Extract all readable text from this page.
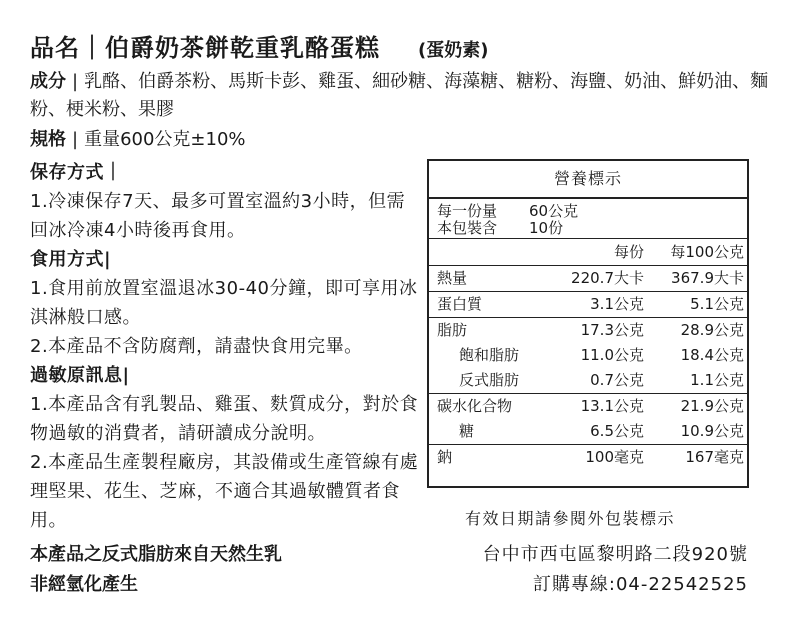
品名｜伯爵奶茶餅乾重乳酪蛋糕 (蛋奶素)
成分 | 乳酪、伯爵茶粉、馬斯卡彭、雞蛋、細砂糖、海藻糖、糖粉、海鹽、奶油、鮮奶油、麵粉、梗米粉、果膠
規格 | 重量600公克±10%
保存方式｜
1.冷凍保存7天、最多可置室溫約3小時，但需回冰冷凍4小時後再食用。
食用方式|
1.食用前放置室溫退冰30-40分鐘，即可享用冰淇淋般口感。
2.本產品不含防腐劑，請盡快食用完畢。
過敏原訊息|
1.本產品含有乳製品、雞蛋、麩質成分，對於食物過敏的消費者，請研讀成分說明。
2.本產品生產製程廠房，其設備或生產管線有處理堅果、花生、芝麻，不適合其過敏體質者食用。
營養標示
每一份量 60公克
本包裝含 10份
每份 每100公克
熱量	220.7大卡 367.9大卡
蛋白質	3.1公克	5.1公克
脂肪	17.3公克 28.9公克
飽和脂肪	11.0公克 18.4公克
反式脂肪	0.7公克	1.1公克
碳水化合物	13.1公克 21.9公克
糖	6.5公克 10.9公克
鈉	100毫克	167毫克
有效日期請參閱外包裝標示
本產品之反式脂肪來自天然生乳
非經氫化產生
台中市西屯區黎明路二段920號
訂購專線:04-22542525
